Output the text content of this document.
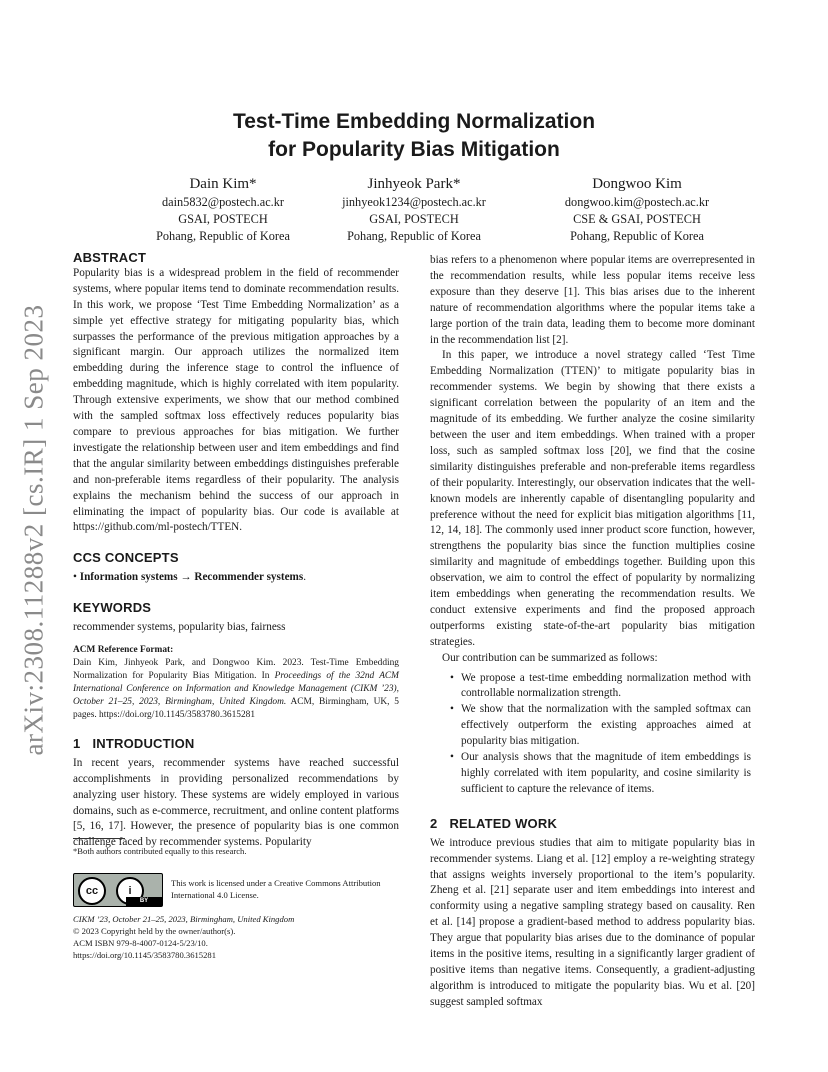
arXiv:2308.11288v2 [cs.IR] 1 Sep 2023
Test-Time Embedding Normalization
for Popularity Bias Mitigation
Dain Kim*
dain5832@postech.ac.kr
GSAI, POSTECH
Pohang, Republic of Korea
Jinhyeok Park*
jinhyeok1234@postech.ac.kr
GSAI, POSTECH
Pohang, Republic of Korea
Dongwoo Kim
dongwoo.kim@postech.ac.kr
CSE & GSAI, POSTECH
Pohang, Republic of Korea
ABSTRACT

Popularity bias is a widespread problem in the field of recommender systems, where popular items tend to dominate recommendation results. In this work, we propose ‘Test Time Embedding Normalization’ as a simple yet effective strategy for mitigating popularity bias, which surpasses the performance of the previous mitigation approaches by a significant margin. Our approach utilizes the normalized item embedding during the inference stage to control the influence of embedding magnitude, which is highly correlated with item popularity. Through extensive experiments, we show that our method combined with the sampled softmax loss effectively reduces popularity bias compare to previous approaches for bias mitigation. We further investigate the relationship between user and item embeddings and find that the angular similarity between embeddings distinguishes preferable and non-preferable items regardless of their popularity. The analysis explains the mechanism behind the success of our approach in eliminating the impact of popularity bias. Our code is available at https://github.com/ml-postech/TTEN.

CCS CONCEPTS

• Information systems → Recommender systems.

KEYWORDS

recommender systems, popularity bias, fairness

ACM Reference Format:
Dain Kim, Jinhyeok Park, and Dongwoo Kim. 2023. Test-Time Embedding Normalization for Popularity Bias Mitigation. In Proceedings of the 32nd ACM International Conference on Information and Knowledge Management (CIKM ’23), October 21–25, 2023, Birmingham, United Kingdom. ACM, Birmingham, UK, 5 pages. https://doi.org/10.1145/3583780.3615281
1 INTRODUCTION

In recent years, recommender systems have reached successful accomplishments in providing personalized recommendations by analyzing user history. These systems are widely employed in various domains, such as e-commerce, recruitment, and online content platforms [5, 16, 17]. However, the presence of popularity bias is one common challenge faced by recommender systems. Popularity

*Both authors contributed equally to this research.
cc	i
BY
This work is licensed under a Creative Commons Attribution International 4.0 License.
CIKM ’23, October 21–25, 2023, Birmingham, United Kingdom
© 2023 Copyright held by the owner/author(s).
ACM ISBN 979-8-4007-0124-5/23/10.
https://doi.org/10.1145/3583780.3615281

bias refers to a phenomenon where popular items are overrepresented in the recommendation results, while less popular items receive less exposure than they deserve [1]. This bias arises due to the inherent nature of recommendation algorithms where the popular items take a large portion of the train data, leading them to become more dominant in the recommendation list [2].

In this paper, we introduce a novel strategy called ‘Test Time Embedding Normalization (TTEN)’ to mitigate popularity bias in recommender systems. We begin by showing that there exists a significant correlation between the popularity of an item and the magnitude of its embedding. We further analyze the cosine similarity between the user and item embeddings. When trained with a proper loss, such as sampled softmax loss [20], we find that the cosine similarity distinguishes preferable and non-preferable items regardless of their popularity. Interestingly, our observation indicates that the well-known models are inherently capable of disentangling popularity and preference without the need for explicit bias mitigation algorithms [11, 12, 14, 18]. The commonly used inner product score function, however, strengthens the popularity bias since the function multiplies cosine similarity and magnitude of embeddings together. Building upon this observation, we aim to control the effect of popularity by normalizing item embeddings when generating the recommendation results. We conduct extensive experiments and find the proposed approach outperforms existing state-of-the-art popularity bias mitigation strategies.

Our contribution can be summarized as follows:

• We propose a test-time embedding normalization method with controllable normalization strength.
• We show that the normalization with the sampled softmax can effectively outperform the existing approaches aimed at popularity bias mitigation.
• Our analysis shows that the magnitude of item embeddings is highly correlated with item popularity, and cosine similarity is sufficient to capture the relevance of items.
2 RELATED WORK

We introduce previous studies that aim to mitigate popularity bias in recommender systems. Liang et al. [12] employ a re-weighting strategy that assigns weights inversely proportional to the item’s popularity. Zheng et al. [21] separate user and item embeddings into interest and conformity using a negative sampling strategy based on causality. Ren et al. [14] propose a gradient-based method to address popularity bias. They argue that popularity bias arises due to the dominance of popular items in the positive items, resulting in a significantly larger gradient of positive items than negative items. Consequently, a gradient-adjusting algorithm is introduced to mitigate the popularity bias. Wu et al. [20] suggest sampled softmax
